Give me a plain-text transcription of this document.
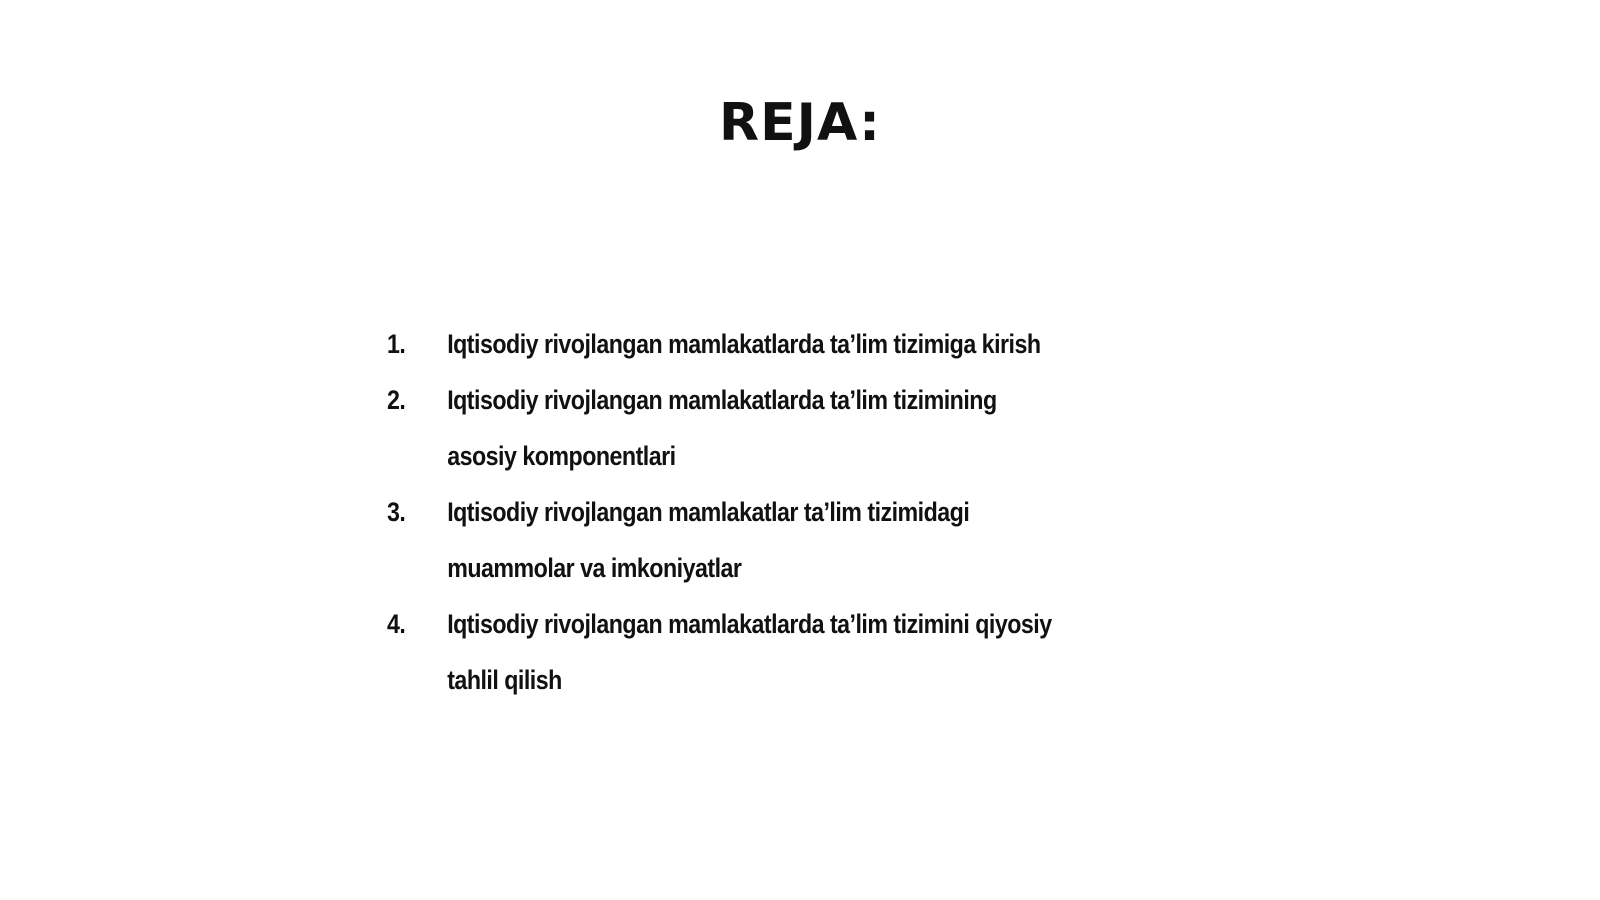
REJA:
1.	Iqtisodiy rivojlangan mamlakatlarda ta’lim tizimiga kirish
2.	Iqtisodiy rivojlangan mamlakatlarda ta’lim tizimining
asosiy komponentlari
3.	Iqtisodiy rivojlangan mamlakatlar ta’lim tizimidagi
muammolar va imkoniyatlar
4.	Iqtisodiy rivojlangan mamlakatlarda ta’lim tizimini qiyosiy
tahlil qilish
